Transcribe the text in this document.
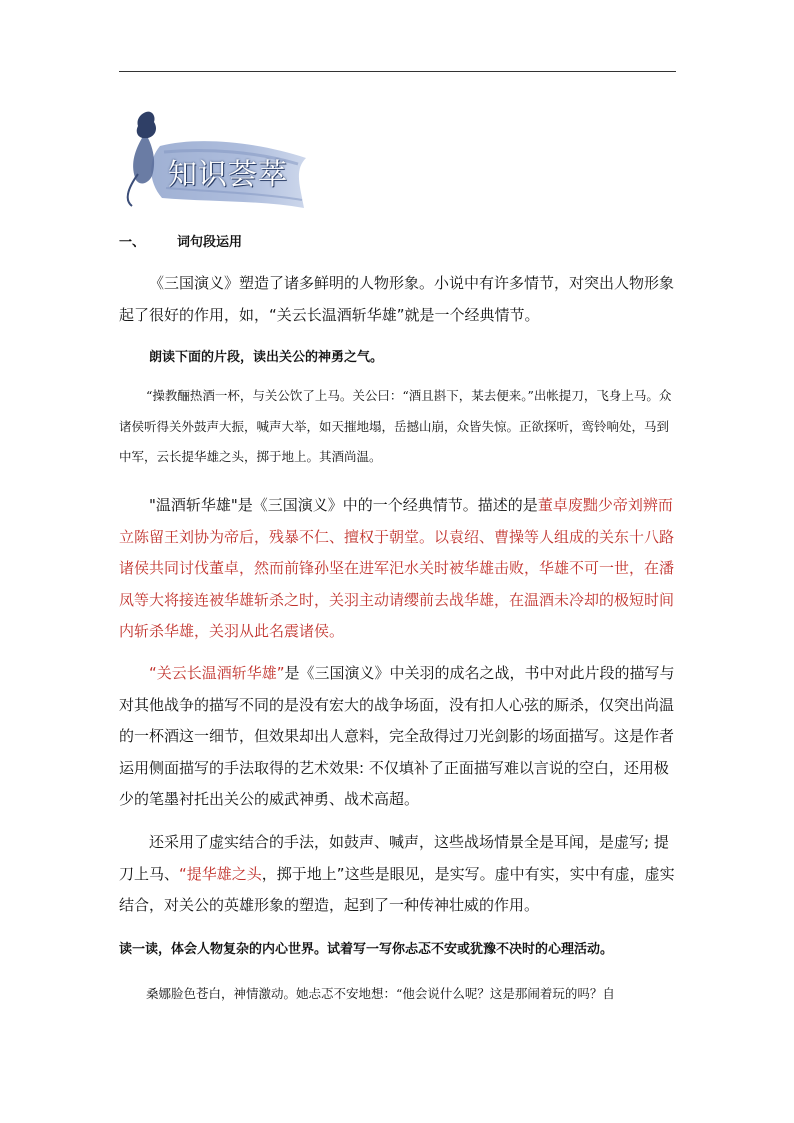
知识荟萃
一、 词句段运用

《三国演义》塑造了诸多鲜明的人物形象。小说中有许多情节，对突出人物形象起了很好的作用，如，“关云长温酒斩华雄”就是一个经典情节。

朗读下面的片段，读出关公的神勇之气。

“操教酾热酒一杯，与关公饮了上马。关公曰：“酒且斟下，某去便来。”出帐提刀，飞身上马。众诸侯听得关外鼓声大振，喊声大举，如天摧地塌，岳撼山崩，众皆失惊。正欲探听，鸾铃响处，马到中军，云长提华雄之头，掷于地上。其酒尚温。

"温酒斩华雄"是《三国演义》中的一个经典情节。描述的是董卓废黜少帝刘辨而立陈留王刘协为帝后，残暴不仁、擅权于朝堂。以袁绍、曹操等人组成的关东十八路诸侯共同讨伐董卓，然而前锋孙坚在进军汜水关时被华雄击败，华雄不可一世，在潘凤等大将接连被华雄斩杀之时，关羽主动请缨前去战华雄，在温酒未冷却的极短时间内斩杀华雄，关羽从此名震诸侯。

“关云长温酒斩华雄”是《三国演义》中关羽的成名之战，书中对此片段的描写与对其他战争的描写不同的是没有宏大的战争场面，没有扣人心弦的厮杀，仅突出尚温的一杯酒这一细节，但效果却出人意料，完全敌得过刀光剑影的场面描写。这是作者运用侧面描写的手法取得的艺术效果: 不仅填补了正面描写难以言说的空白，还用极少的笔墨衬托出关公的威武神勇、战术高超。

还采用了虚实结合的手法，如鼓声、喊声，这些战场情景全是耳闻，是虚写; 提刀上马、“提华雄之头，掷于地上”这些是眼见，是实写。虚中有实，实中有虚，虚实结合，对关公的英雄形象的塑造，起到了一种传神壮威的作用。

读一读，体会人物复杂的内心世界。试着写一写你忐忑不安或犹豫不决时的心理活动。

桑娜脸色苍白，神情激动。她忐忑不安地想：“他会说什么呢？这是那闹着玩的吗？自
